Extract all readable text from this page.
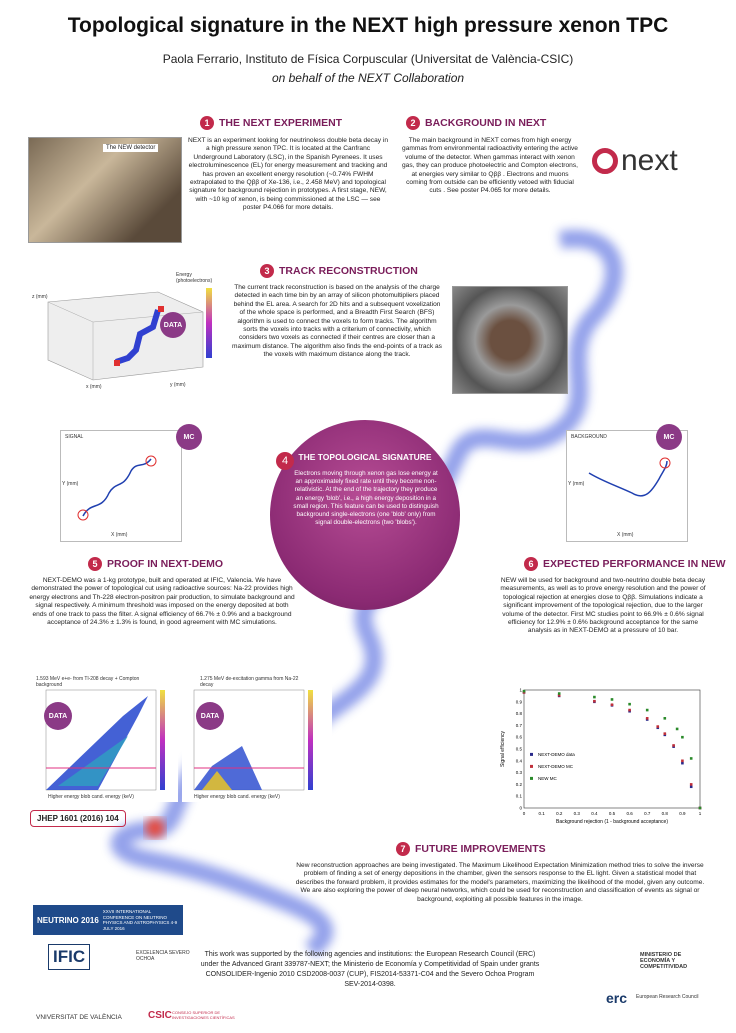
Topological signature in the NEXT high pressure xenon TPC
Paola Ferrario, Instituto de Física Corpuscular (Universitat de València-CSIC)
on behalf of the NEXT Collaboration
1 THE NEXT EXPERIMENT
The NEW detector
NEXT is an experiment looking for neutrinoless double beta decay in a high pressure xenon TPC. It is located at the Canfranc Underground Laboratory (LSC), in the Spanish Pyrenees. It uses electroluminescence (EL) for energy measurement and tracking and has proven an excellent energy resolution (~0.74% FWHM extrapolated to the Qββ of Xe-136, i.e., 2.458 MeV) and topological signature for background rejection in prototypes. A first stage, NEW, with ~10 kg of xenon, is being commissioned at the LSC — see poster P4.066 for more details.
2 BACKGROUND IN NEXT
The main background in NEXT comes from high energy gammas from environmental radioactivity entering the active volume of the detector. When gammas interact with xenon gas, they can produce photoelectric and Compton electrons, at energies very similar to Qββ . Electrons and muons coming from outside can be efficiently vetoed with fiducial cuts . See poster P4.065 for more details.
next
3 TRACK RECONSTRUCTION
The current track reconstruction is based on the analysis of the charge detected in each time bin by an array of silicon photomultipliers placed behind the EL area. A search for 2D hits and a subsequent voxelization of the whole space is performed, and a Breadth First Search (BFS) algorithm is used to connect the voxels to form tracks. The algorithm sorts the voxels into tracks with a criterium of connectivity, which considers two voxels as connected if their centres are closer than a maximum distance. The algorithm also finds the end-points of a track as the voxels with maximum distance along the track.
z (mm)
x (mm)	y (mm)
Energy (photoelectrons)
DATA
SIGNAL
X (mm)
Y (mm)
MC	BACKGROUND
X (mm)
Y (mm)
MC
4	THE TOPOLOGICAL SIGNATURE
Electrons moving through xenon gas lose energy at an approximately fixed rate until they become non-relativistic. At the end of the trajectory they produce an energy 'blob', i.e., a high energy deposition in a small region. This feature can be used to distinguish background single-electrons (one 'blob' only) from signal double-electrons (two 'blobs').
5 PROOF IN NEXT-DEMO
NEXT-DEMO was a 1-kg prototype, built and operated at IFIC, Valencia. We have demonstrated the power of topological cut using radioactive sources: Na-22 provides high energy electrons and Th-228 electron-positron pair production, to simulate background and signal respectively. A minimum threshold was imposed on the energy deposited at both ends of one track to pass the filter. A signal efficiency of 66.7% ± 0.9% and a background acceptance of 24.3% ± 1.3% is found, in good agreement with MC simulations.
1.593 MeV e+e- from Tl-208 decay + Compton background
Higher energy blob cand. energy (keV)
DATA
1.275 MeV de-excitation gamma from Na-22 decay
Higher energy blob cand. energy (keV)
DATA
JHEP 1601 (2016) 104
6 EXPECTED PERFORMANCE IN NEW
NEW will be used for background and two-neutrino double beta decay measurements, as well as to prove energy resolution and the power of topological rejection at energies close to Qββ. Simulations indicate a significant improvement of the topological rejection, due to the larger volume of the detector. First MC studies point to 66.9% ± 0.6% signal efficiency for 12.9% ± 0.6% background acceptance for the same analysis as in NEXT-DEMO at a pressure of 10 bar.
0	0.1	0.2	0.3	0.4	0.5	0.6	0.7	0.8	0.9	1
0
0.1
0.2
0.3
0.4
0.5
0.6
0.7
0.8
0.9
1
Background rejection (1 - background acceptance)
Signal efficiency	NEXT-DEMO data
NEXT-DEMO MC
NEW MC
7 FUTURE IMPROVEMENTS
New reconstruction approaches are being investigated. The Maximum Likelihood Expectation Minimization method tries to solve the inverse problem of finding a set of energy depositions in the chamber, given the sensors response to the EL light. Given a statistical model that describes the forward problem, it provides estimates for the model's parameters, maximizing the likelihood of the model, given any outcome. We are also exploring the power of deep neural networks, which could be used for reconstruction and classification of events as signal or background, exploiting all possible features in the image.
NEUTRINO 2016
XXVII INTERNATIONAL CONFERENCE ON NEUTRINO PHYSICS AND ASTROPHYSICS 4-9 JULY 2016
IFIC	EXCELENCIA SEVERO OCHOA
VNIVERSITAT DE VALÈNCIA	CSIC CONSEJO SUPERIOR DE INVESTIGACIONES CIENTÍFICAS
This work was supported by the following agencies and institutions: the European Research Council (ERC) under the Advanced Grant 339787-NEXT; the Ministerio de Economía y Competitividad of Spain under grants CONSOLIDER-Ingenio 2010 CSD2008-0037 (CUP), FIS2014-53371-C04 and the Severo Ochoa Program SEV-2014-0398.
MINISTERIO DE ECONOMÍA Y COMPETITIVIDAD
erc European Research Council
